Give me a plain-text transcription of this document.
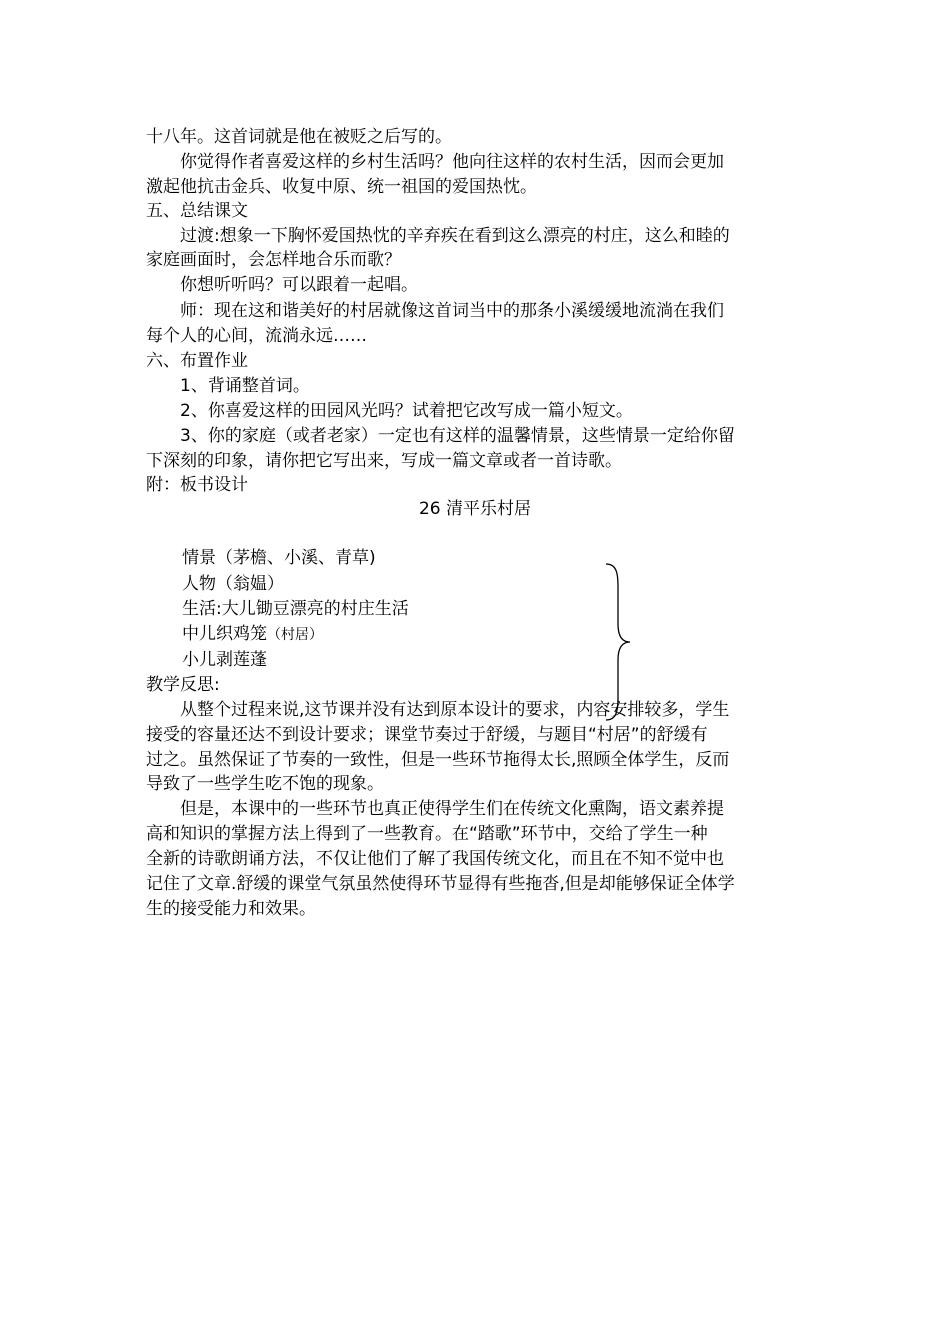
十八年。这首词就是他在被贬之后写的。
你觉得作者喜爱这样的乡村生活吗？他向往这样的农村生活，因而会更加
激起他抗击金兵、收复中原、统一祖国的爱国热忱。
五、总结课文
过渡:想象一下胸怀爱国热忱的辛弃疾在看到这么漂亮的村庄，这么和睦的
家庭画面时，会怎样地合乐而歌？
你想听听吗？可以跟着一起唱。
师：现在这和谐美好的村居就像这首词当中的那条小溪缓缓地流淌在我们
每个人的心间，流淌永远……
六、布置作业
1、背诵整首词。
2、你喜爱这样的田园风光吗？试着把它改写成一篇小短文。
3、你的家庭（或者老家）一定也有这样的温馨情景，这些情景一定给你留
下深刻的印象，请你把它写出来，写成一篇文章或者一首诗歌。
附：板书设计
26 清平乐村居
情景（茅檐、小溪、青草)
人物（翁媪）
生活:大儿锄豆漂亮的村庄生活
中儿织鸡笼（村居）
小儿剥莲蓬
教学反思:
从整个过程来说,这节课并没有达到原本设计的要求，内容安排较多，学生
接受的容量还达不到设计要求；课堂节奏过于舒缓，与题目“村居”的舒缓有
过之。虽然保证了节奏的一致性，但是一些环节拖得太长,照顾全体学生，反而
导致了一些学生吃不饱的现象。
但是，本课中的一些环节也真正使得学生们在传统文化熏陶，语文素养提
高和知识的掌握方法上得到了一些教育。在“踏歌”环节中，交给了学生一种
全新的诗歌朗诵方法，不仅让他们了解了我国传统文化，而且在不知不觉中也
记住了文章.舒缓的课堂气氛虽然使得环节显得有些拖沓,但是却能够保证全体学
生的接受能力和效果。
